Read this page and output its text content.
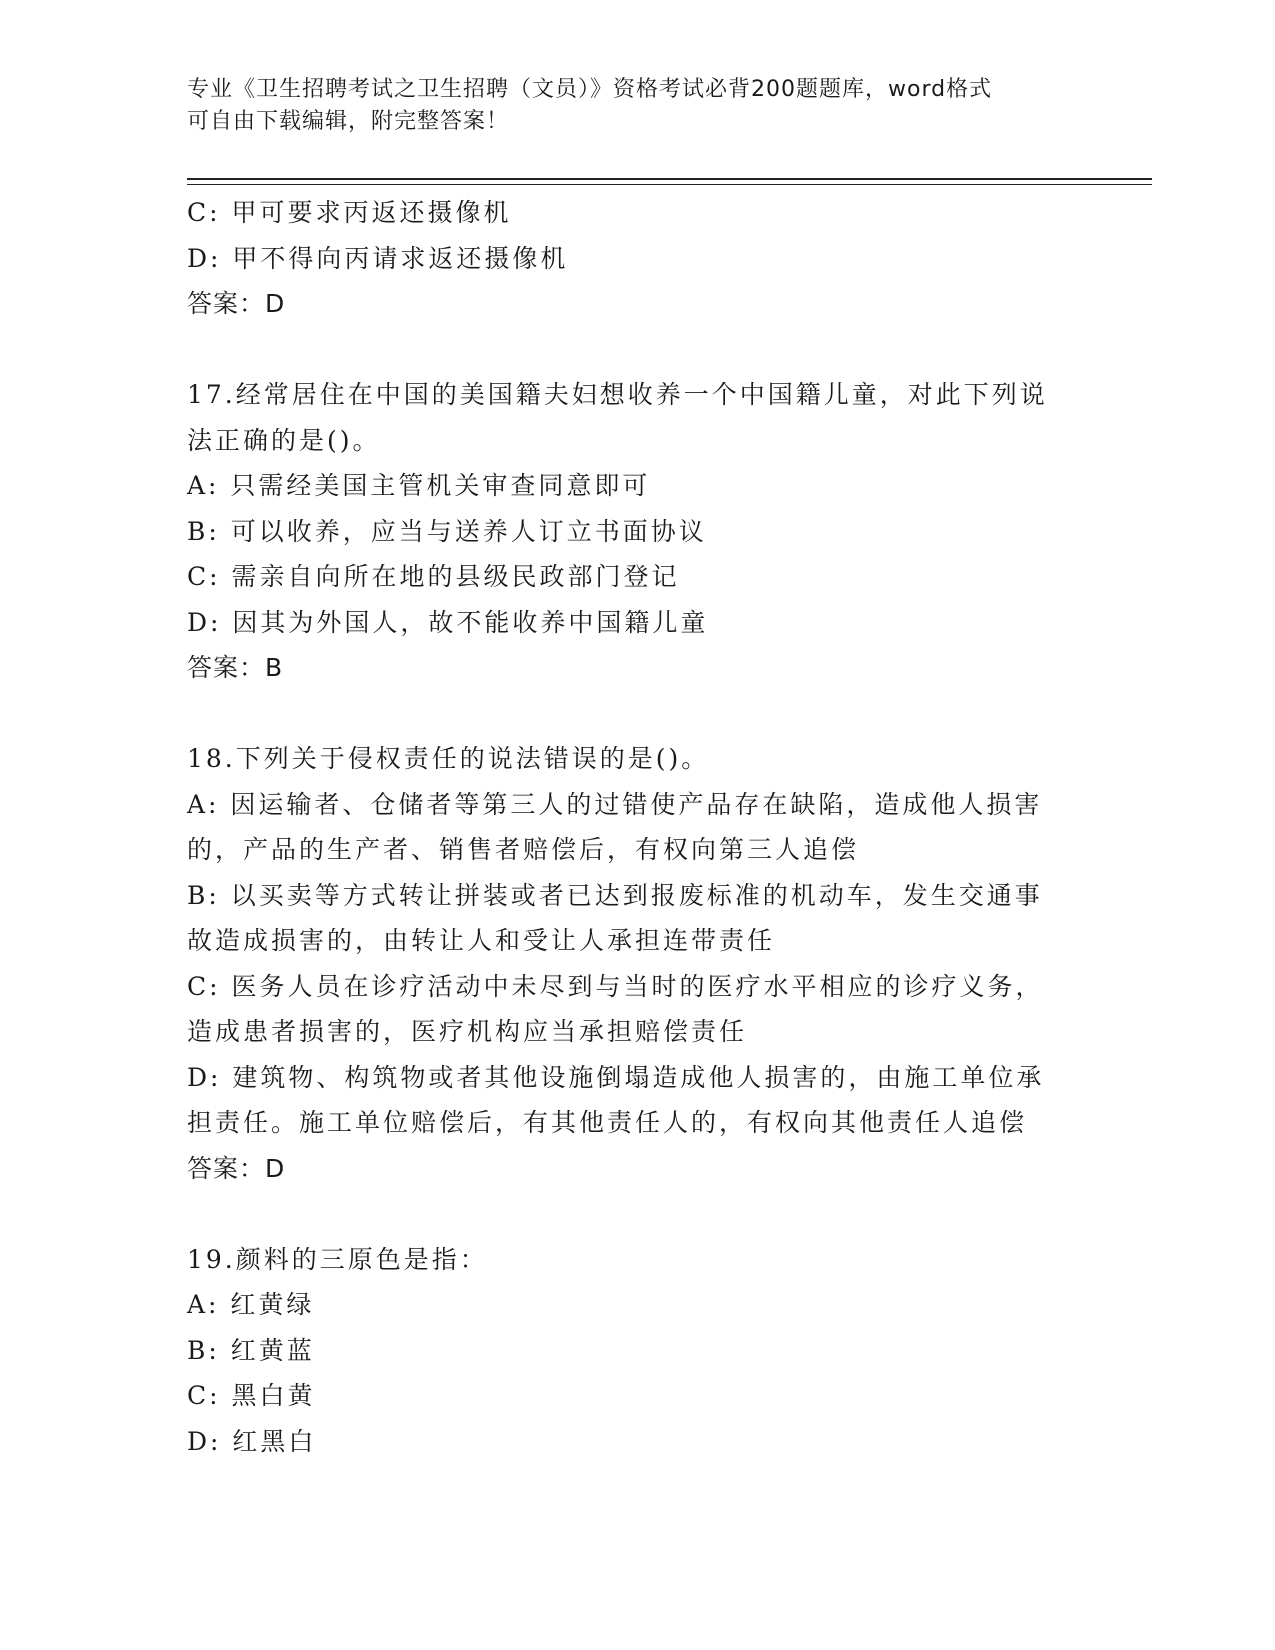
专业《卫生招聘考试之卫生招聘（文员）》资格考试必背200题题库，word格式
可自由下载编辑，附完整答案！
C: 甲可要求丙返还摄像机
D: 甲不得向丙请求返还摄像机
答案：D
17.经常居住在中国的美国籍夫妇想收养一个中国籍儿童，对此下列说
法正确的是()。
A: 只需经美国主管机关审查同意即可
B: 可以收养，应当与送养人订立书面协议
C: 需亲自向所在地的县级民政部门登记
D: 因其为外国人，故不能收养中国籍儿童
答案：B
18.下列关于侵权责任的说法错误的是()。
A: 因运输者、仓储者等第三人的过错使产品存在缺陷，造成他人损害
的，产品的生产者、销售者赔偿后，有权向第三人追偿
B: 以买卖等方式转让拼装或者已达到报废标准的机动车，发生交通事
故造成损害的，由转让人和受让人承担连带责任
C: 医务人员在诊疗活动中未尽到与当时的医疗水平相应的诊疗义务，
造成患者损害的，医疗机构应当承担赔偿责任
D: 建筑物、构筑物或者其他设施倒塌造成他人损害的，由施工单位承
担责任。施工单位赔偿后，有其他责任人的，有权向其他责任人追偿
答案：D
19.颜料的三原色是指：
A: 红黄绿
B: 红黄蓝
C: 黑白黄
D: 红黑白
